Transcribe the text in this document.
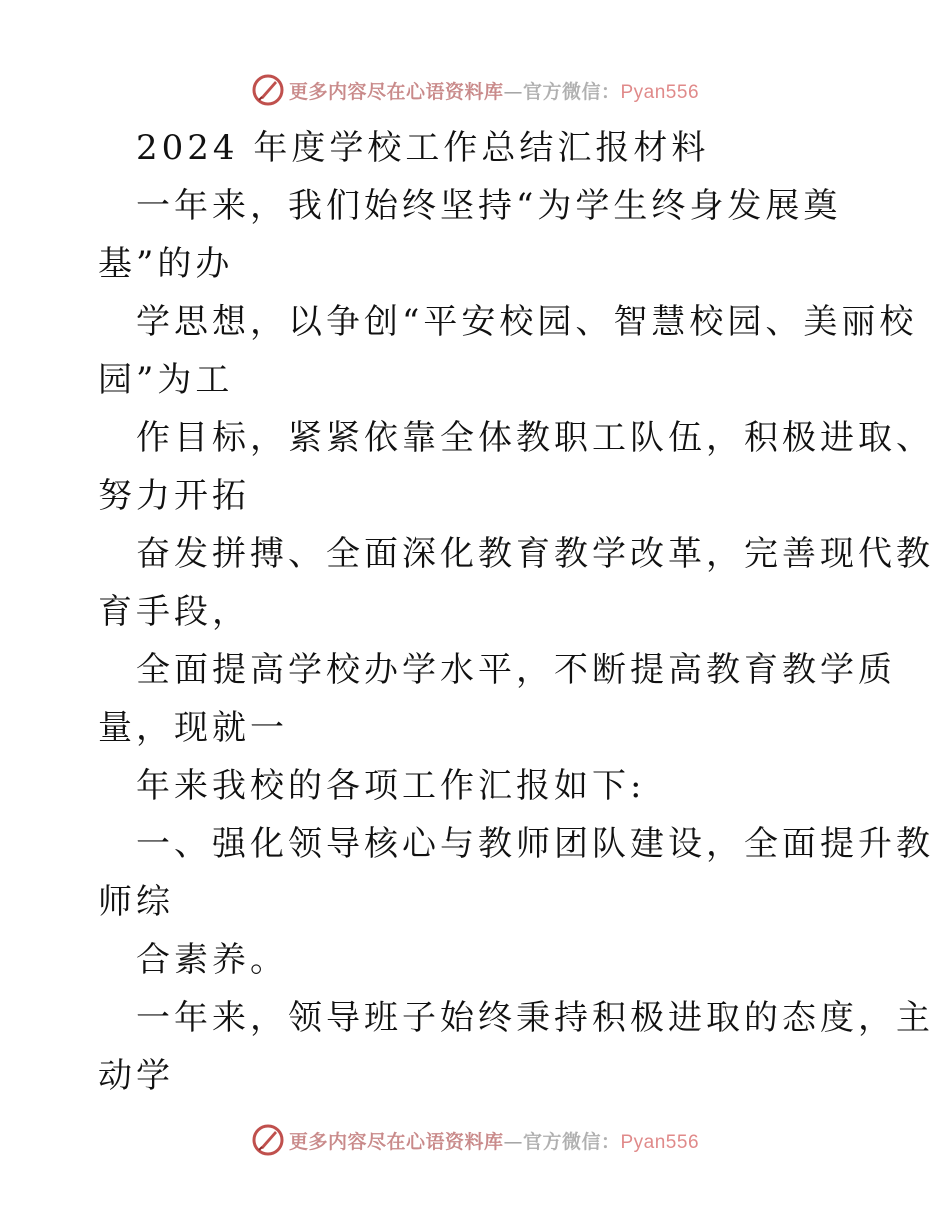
更多内容尽在心语资料库—官方微信：Pyan556
2024 年度学校工作总结汇报材料
一年来，我们始终坚持“为学生终身发展奠
基”的办
学思想，以争创“平安校园、智慧校园、美丽校
园”为工
作目标，紧紧依靠全体教职工队伍，积极进取、
努力开拓
奋发拼搏、全面深化教育教学改革，完善现代教
育手段，
全面提高学校办学水平，不断提高教育教学质
量，现就一
年来我校的各项工作汇报如下:
一、强化领导核心与教师团队建设，全面提升教
师综
合素养。
一年来，领导班子始终秉持积极进取的态度，主
动学
更多内容尽在心语资料库—官方微信：Pyan556
